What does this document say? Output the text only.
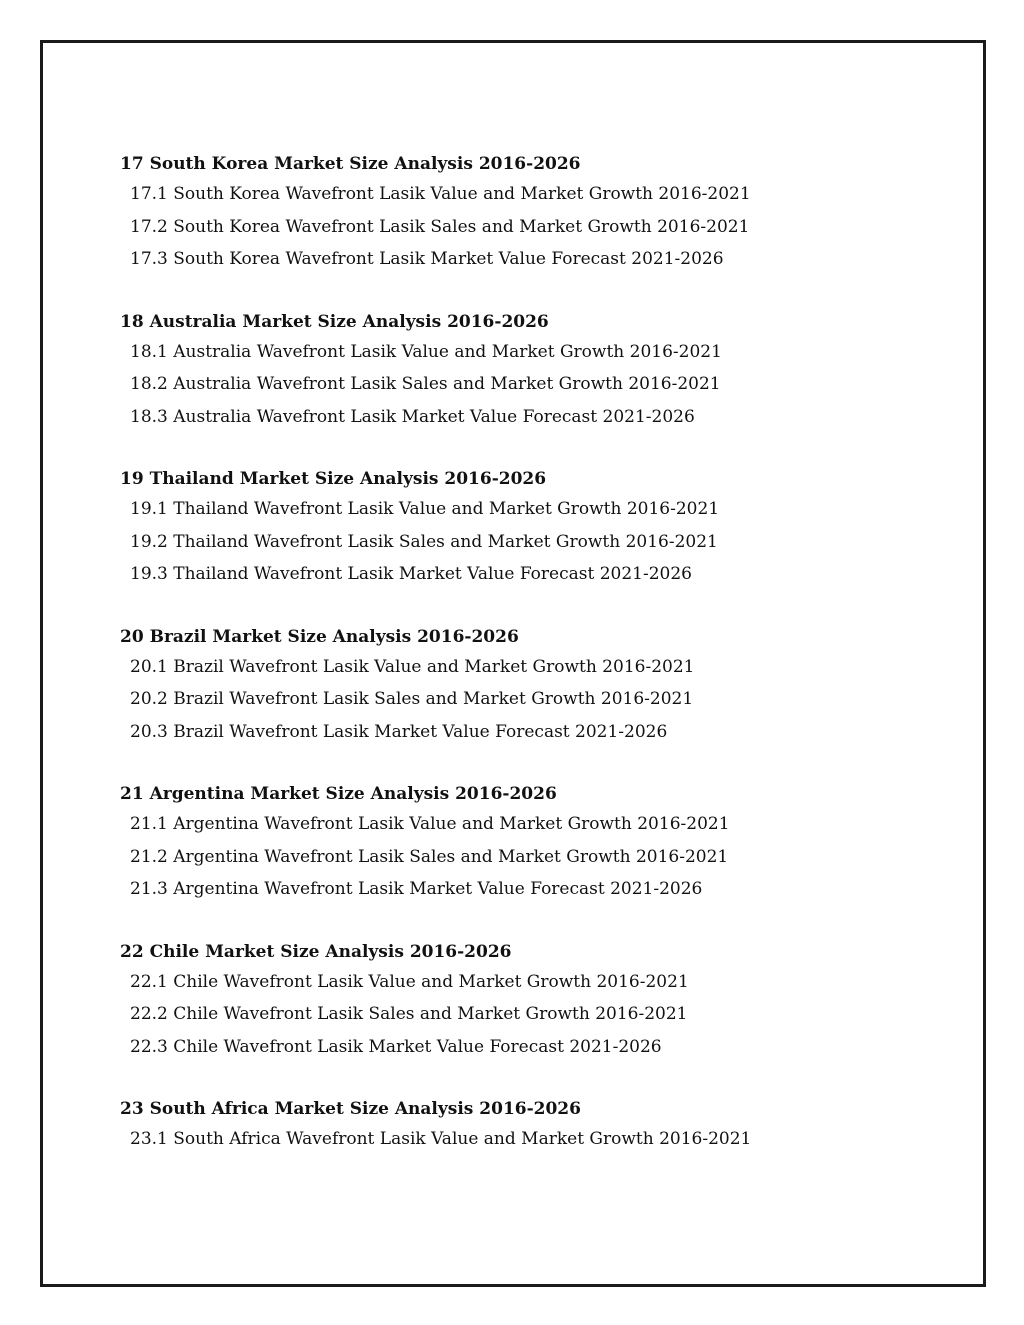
17 South Korea Market Size Analysis 2016-2026
17.1 South Korea Wavefront Lasik Value and Market Growth 2016-2021
17.2 South Korea Wavefront Lasik Sales and Market Growth 2016-2021
17.3 South Korea Wavefront Lasik Market Value Forecast 2021-2026
18 Australia Market Size Analysis 2016-2026
18.1 Australia Wavefront Lasik Value and Market Growth 2016-2021
18.2 Australia Wavefront Lasik Sales and Market Growth 2016-2021
18.3 Australia Wavefront Lasik Market Value Forecast 2021-2026
19 Thailand Market Size Analysis 2016-2026
19.1 Thailand Wavefront Lasik Value and Market Growth 2016-2021
19.2 Thailand Wavefront Lasik Sales and Market Growth 2016-2021
19.3 Thailand Wavefront Lasik Market Value Forecast 2021-2026
20 Brazil Market Size Analysis 2016-2026
20.1 Brazil Wavefront Lasik Value and Market Growth 2016-2021
20.2 Brazil Wavefront Lasik Sales and Market Growth 2016-2021
20.3 Brazil Wavefront Lasik Market Value Forecast 2021-2026
21 Argentina Market Size Analysis 2016-2026
21.1 Argentina Wavefront Lasik Value and Market Growth 2016-2021
21.2 Argentina Wavefront Lasik Sales and Market Growth 2016-2021
21.3 Argentina Wavefront Lasik Market Value Forecast 2021-2026
22 Chile Market Size Analysis 2016-2026
22.1 Chile Wavefront Lasik Value and Market Growth 2016-2021
22.2 Chile Wavefront Lasik Sales and Market Growth 2016-2021
22.3 Chile Wavefront Lasik Market Value Forecast 2021-2026
23 South Africa Market Size Analysis 2016-2026
23.1 South Africa Wavefront Lasik Value and Market Growth 2016-2021
